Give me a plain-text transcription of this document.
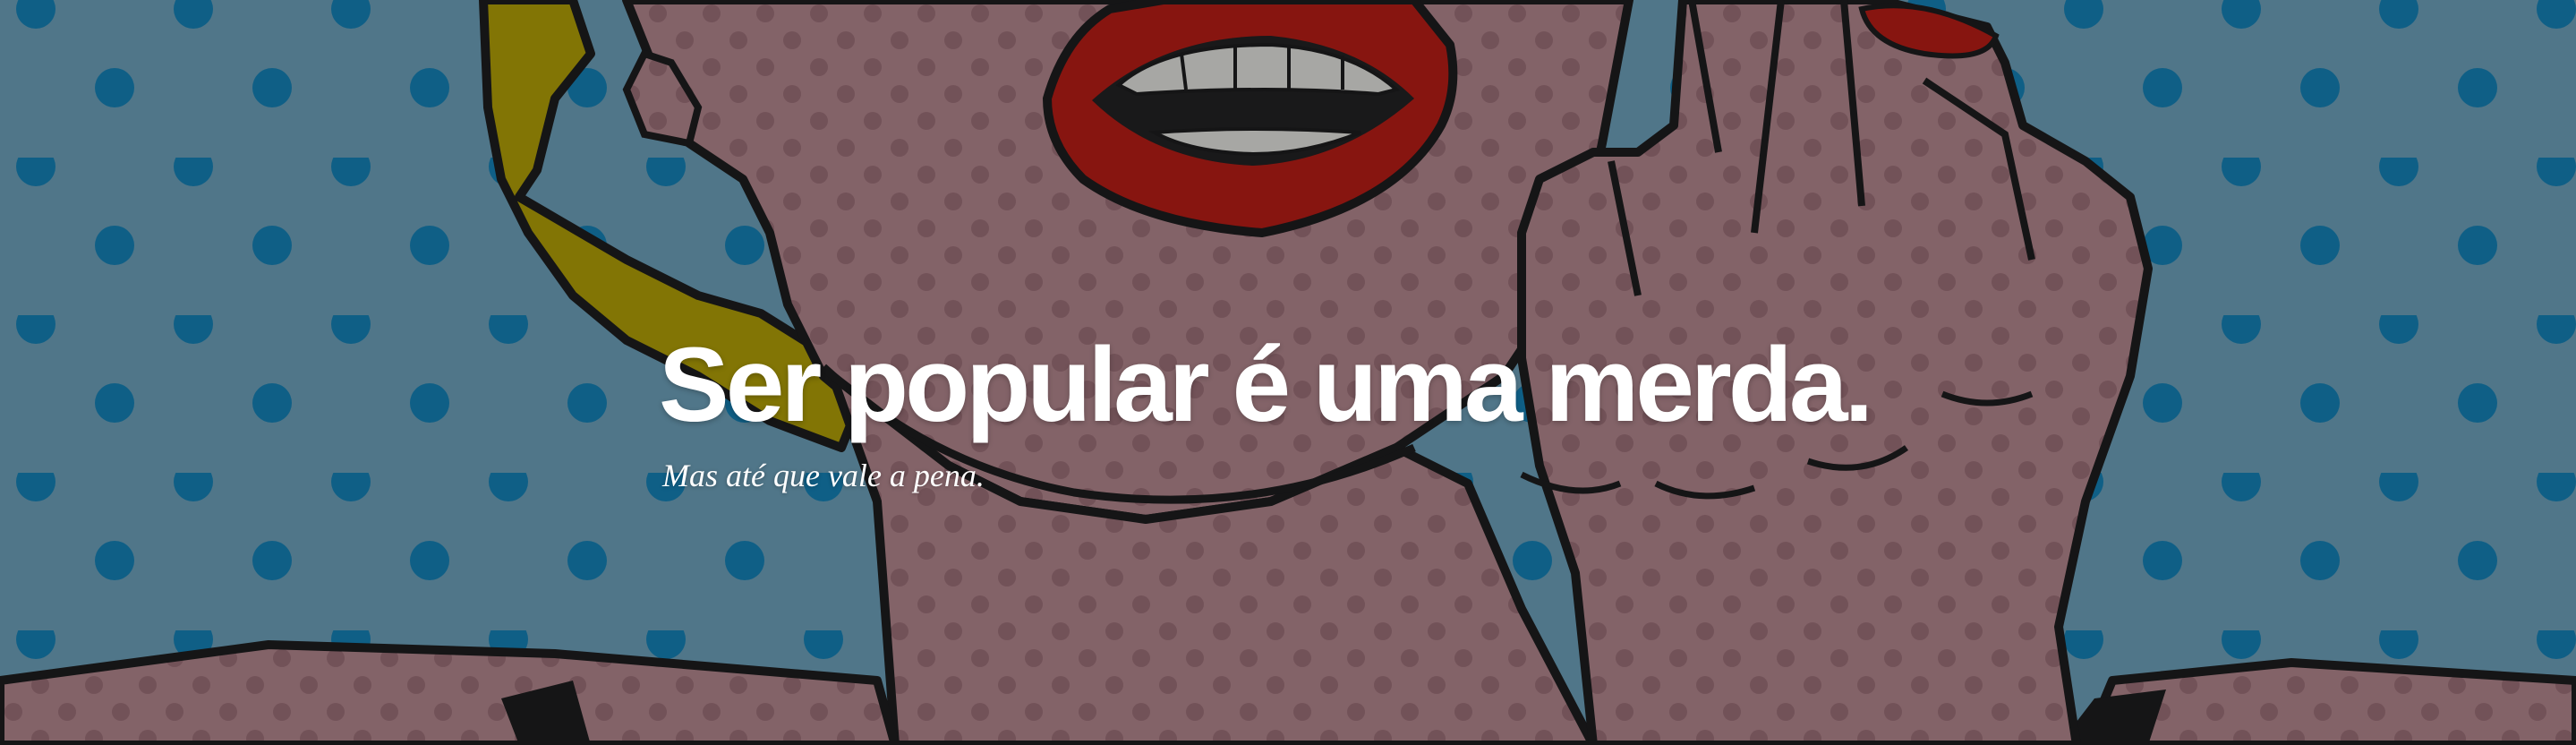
Ser popular é uma merda.

Mas até que vale a pena.
